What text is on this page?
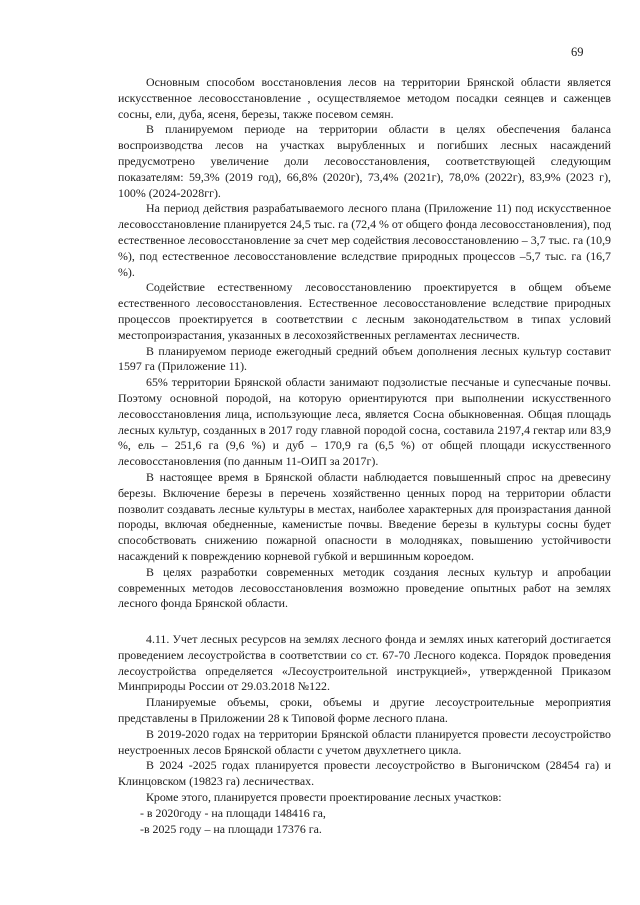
69

Основным способом восстановления лесов на территории Брянской области является искусственное лесовосстановление , осуществляемое методом посадки сеянцев и саженцев сосны, ели, дуба, ясеня, березы, также посевом семян.

В планируемом периоде на территории области в целях обеспечения баланса воспроизводства лесов на участках вырубленных и погибших лесных насаждений предусмотрено увеличение доли лесовосстановления, соответствующей следующим показателям: 59,3% (2019 год), 66,8% (2020г), 73,4% (2021г), 78,0% (2022г), 83,9% (2023 г), 100% (2024-2028гг).

На период действия разрабатываемого лесного плана (Приложение 11) под искусственное лесовосстановление планируется 24,5 тыс. га (72,4 % от общего фонда лесовосстановления), под естественное лесовосстановление за счет мер содействия лесовосстановлению – 3,7 тыс. га (10,9 %), под естественное лесовосстановление вследствие природных процессов –5,7 тыс. га (16,7 %).

Содействие естественному лесовосстановлению проектируется в общем объеме естественного лесовосстановления. Естественное лесовосстановление вследствие природных процессов проектируется в соответствии с лесным законодательством в типах условий местопроизрастания, указанных в лесохозяйственных регламентах лесничеств.

В планируемом периоде ежегодный средний объем дополнения лесных культур составит 1597 га (Приложение 11).

65% территории Брянской области занимают подзолистые песчаные и супесчаные почвы. Поэтому основной породой, на которую ориентируются при выполнении искусственного лесовосстановления лица, использующие леса, является Сосна обыкновенная. Общая площадь лесных культур, созданных в 2017 году главной породой сосна, составила 2197,4 гектар или 83,9 %, ель – 251,6 га (9,6 %) и дуб – 170,9 га (6,5 %) от общей площади искусственного лесовосстановления (по данным 11-ОИП за 2017г).

В настоящее время в Брянской области наблюдается повышенный спрос на древесину березы. Включение березы в перечень хозяйственно ценных пород на территории области позволит создавать лесные культуры в местах, наиболее характерных для произрастания данной породы, включая обедненные, каменистые почвы. Введение березы в культуры сосны будет способствовать снижению пожарной опасности в молодняках, повышению устойчивости насаждений к повреждению корневой губкой и вершинным короедом.

В целях разработки современных методик создания лесных культур и апробации современных методов лесовосстановления возможно проведение опытных работ на землях лесного фонда Брянской области.

4.11. Учет лесных ресурсов на землях лесного фонда и землях иных категорий достигается проведением лесоустройства в соответствии со ст. 67-70 Лесного кодекса. Порядок проведения лесоустройства определяется «Лесоустроительной инструкцией», утвержденной Приказом Минприроды России от 29.03.2018 №122.

Планируемые объемы, сроки, объемы и другие лесоустроительные мероприятия представлены в Приложении 28 к Типовой форме лесного плана.

В 2019-2020 годах на территории Брянской области планируется провести лесоустройство неустроенных лесов Брянской области с учетом двухлетнего цикла.

В 2024 -2025 годах планируется провести лесоустройство в Выгоничском (28454 га) и Клинцовском (19823 га) лесничествах.

Кроме этого, планируется провести проектирование лесных участков:

- в 2020году - на площади 148416 га,

-в 2025 году – на площади 17376 га.
